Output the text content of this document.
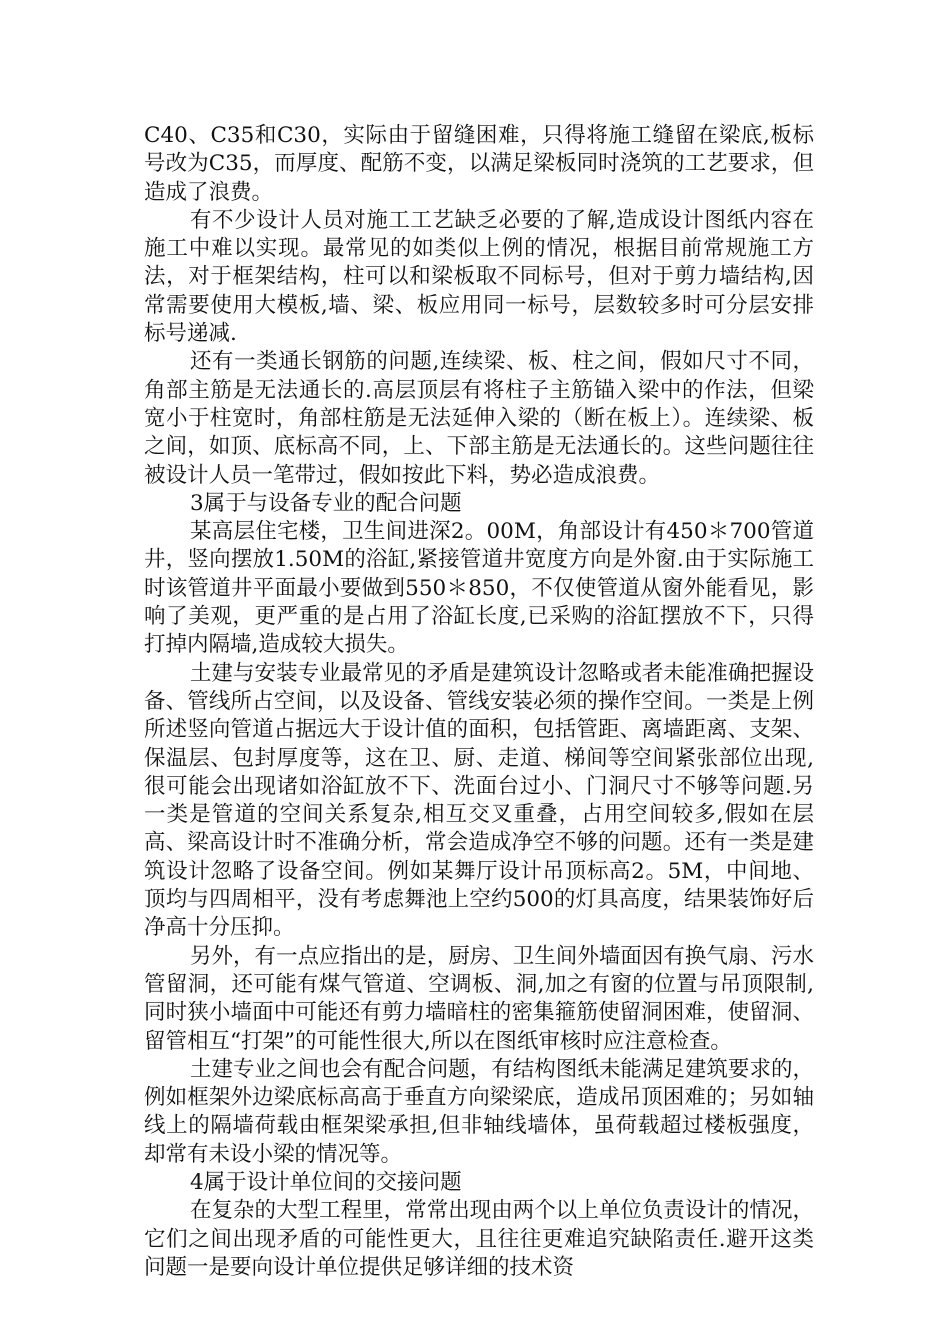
C40、C35和C30，实际由于留缝困难，只得将施工缝留在梁底,板标号改为C35，而厚度、配筋不变，以满足梁板同时浇筑的工艺要求，但造成了浪费。

有不少设计人员对施工工艺缺乏必要的了解,造成设计图纸内容在施工中难以实现。最常见的如类似上例的情况，根据目前常规施工方法，对于框架结构，柱可以和梁板取不同标号，但对于剪力墙结构,因常需要使用大模板,墙、梁、板应用同一标号，层数较多时可分层安排标号递减.

还有一类通长钢筋的问题,连续梁、板、柱之间，假如尺寸不同，角部主筋是无法通长的.高层顶层有将柱子主筋锚入梁中的作法，但梁宽小于柱宽时，角部柱筋是无法延伸入梁的（断在板上）。连续梁、板之间，如顶、底标高不同，上、下部主筋是无法通长的。这些问题往往被设计人员一笔带过，假如按此下料，势必造成浪费。

3属于与设备专业的配合问题

某高层住宅楼，卫生间进深2。00M，角部设计有450＊700管道井，竖向摆放1.50M的浴缸,紧接管道井宽度方向是外窗.由于实际施工时该管道井平面最小要做到550＊850，不仅使管道从窗外能看见，影响了美观，更严重的是占用了浴缸长度,已采购的浴缸摆放不下，只得打掉内隔墙,造成较大损失。

土建与安装专业最常见的矛盾是建筑设计忽略或者未能准确把握设备、管线所占空间，以及设备、管线安装必须的操作空间。一类是上例所述竖向管道占据远大于设计值的面积，包括管距、离墙距离、支架、保温层、包封厚度等，这在卫、厨、走道、梯间等空间紧张部位出现,很可能会出现诸如浴缸放不下、洗面台过小、门洞尺寸不够等问题.另一类是管道的空间关系复杂,相互交叉重叠，占用空间较多,假如在层高、梁高设计时不准确分析，常会造成净空不够的问题。还有一类是建筑设计忽略了设备空间。例如某舞厅设计吊顶标高2。5M，中间地、顶均与四周相平，没有考虑舞池上空约500的灯具高度，结果装饰好后净高十分压抑。

另外，有一点应指出的是，厨房、卫生间外墙面因有换气扇、污水管留洞，还可能有煤气管道、空调板、洞,加之有窗的位置与吊顶限制,同时狭小墙面中可能还有剪力墙暗柱的密集箍筋使留洞困难，使留洞、留管相互“打架”的可能性很大,所以在图纸审核时应注意检查。

土建专业之间也会有配合问题，有结构图纸未能满足建筑要求的，例如框架外边梁底标高高于垂直方向梁梁底，造成吊顶困难的；另如轴线上的隔墙荷载由框架梁承担,但非轴线墙体，虽荷载超过楼板强度，却常有未设小梁的情况等。

4属于设计单位间的交接问题

在复杂的大型工程里，常常出现由两个以上单位负责设计的情况，它们之间出现矛盾的可能性更大，且往往更难追究缺陷责任.避开这类问题一是要向设计单位提供足够详细的技术资
